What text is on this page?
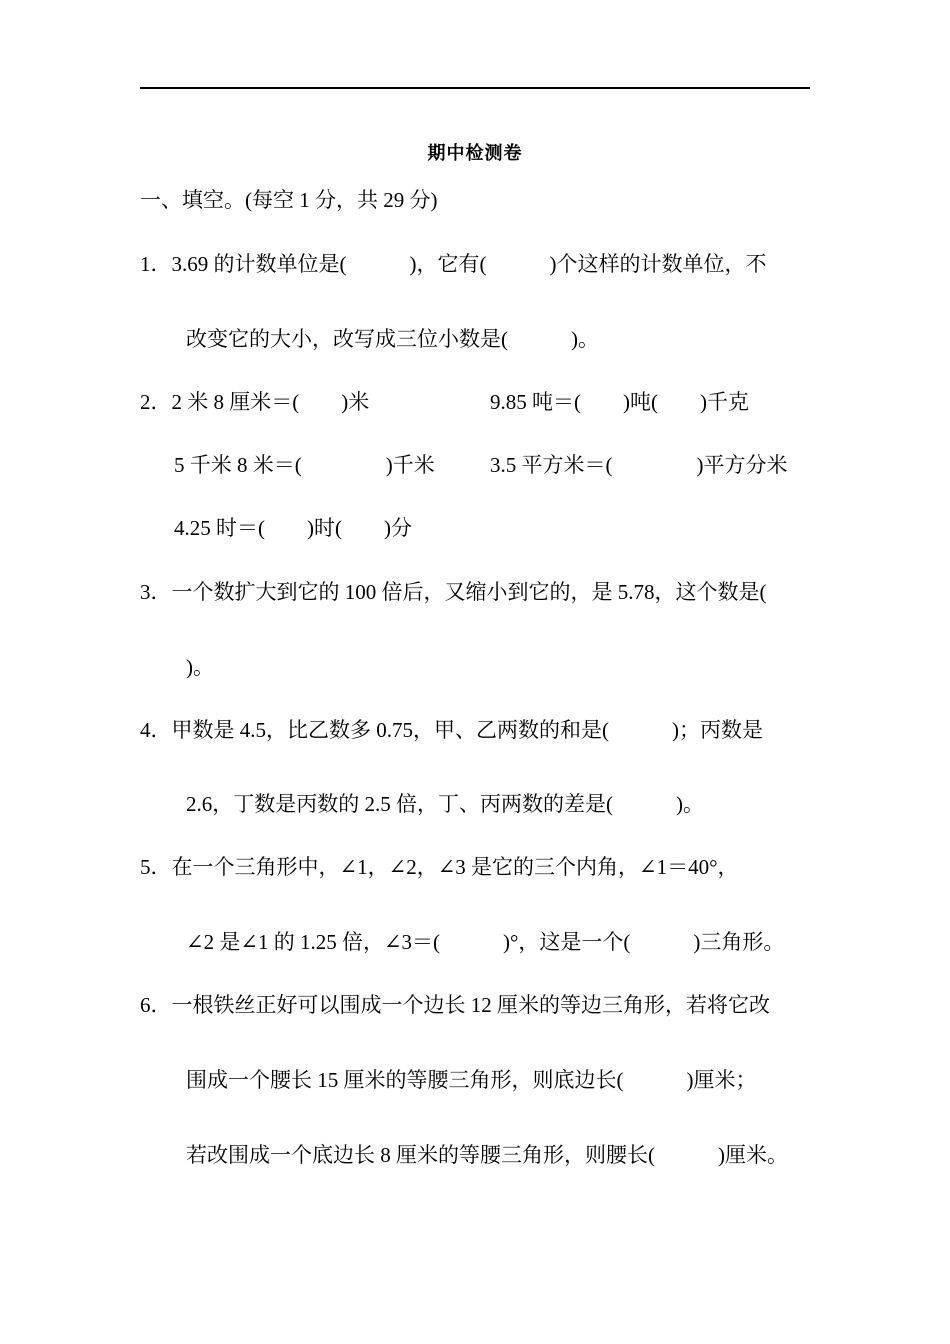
期中检测卷
一、填空。(每空 1 分，共 29 分)
1．3.69 的计数单位是(　　　)，它有(　　　)个这样的计数单位，不
改变它的大小，改写成三位小数是(　　　)。
2．2 米 8 厘米＝(　　)米	9.85 吨＝(　　)吨(　　)千克
5 千米 8 米＝(　　　　)千米	3.5 平方米＝(　　　　)平方分米
4.25 时＝(　　)时(　　)分
3．一个数扩大到它的 100 倍后，又缩小到它的，是 5.78，这个数是(
)。
4．甲数是 4.5，比乙数多 0.75，甲、乙两数的和是(　　　)；丙数是
2.6，丁数是丙数的 2.5 倍，丁、丙两数的差是(　　　)。
5．在一个三角形中，∠1，∠2，∠3 是它的三个内角，∠1＝40°，
∠2 是∠1 的 1.25 倍，∠3＝(　　　)°，这是一个(　　　)三角形。
6．一根铁丝正好可以围成一个边长 12 厘米的等边三角形，若将它改
围成一个腰长 15 厘米的等腰三角形，则底边长(　　　)厘米；
若改围成一个底边长 8 厘米的等腰三角形，则腰长(　　　)厘米。
